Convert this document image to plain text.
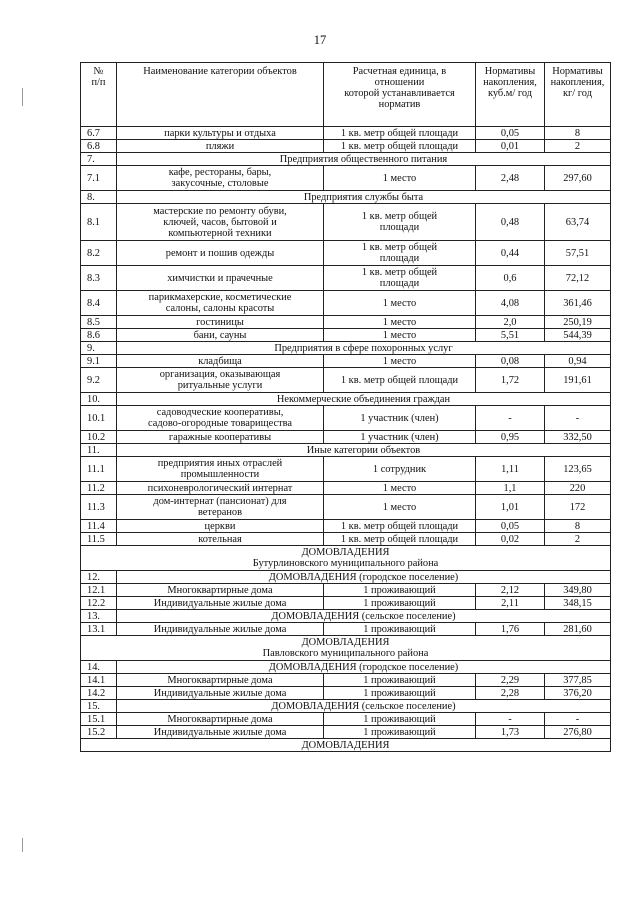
17
№
п/п	Наименование категории объектов	Расчетная единица, в
отношении
которой устанавливается
норматив	Нормативы
накопления,
куб.м/ год	Нормативы
накопления,
кг/ год
6.7	парки культуры и отдыха	1 кв. метр общей площади	0,05	8
6.8	пляжи	1 кв. метр общей площади	0,01	2
7.	Предприятия общественного питания			
7.1	кафе, рестораны, бары,
закусочные, столовые	1 место	2,48	297,60
8.	Предприятия службы быта			
8.1	мастерские по ремонту обуви,
ключей, часов, бытовой и
компьютерной техники	1 кв. метр общей
площади	0,48	63,74
8.2	ремонт и пошив одежды	1 кв. метр общей
площади	0,44	57,51
8.3	химчистки и прачечные	1 кв. метр общей
площади	0,6	72,12
8.4	парикмахерские, косметические
салоны, салоны красоты	1 место	4,08	361,46
8.5	гостиницы	1 место	2,0	250,19
8.6	бани, сауны	1 место	5,51	544,39
9.	Предприятия в сфере похоронных услуг			
9.1	кладбища	1 место	0,08	0,94
9.2	организация, оказывающая
ритуальные услуги	1 кв. метр общей площади	1,72	191,61
10.	Некоммерческие объединения граждан			
10.1	садоводческие кооперативы,
садово-огородные товарищества	1 участник (член)	-	-
10.2	гаражные кооперативы	1 участник (член)	0,95	332,50
11.	Иные категории объектов			
11.1	предприятия иных отраслей
промышленности	1 сотрудник	1,11	123,65
11.2	психоневрологический интернат	1 место	1,1	220
11.3	дом-интернат (пансионат) для
ветеранов	1 место	1,01	172
11.4	церкви	1 кв. метр общей площади	0,05	8
11.5	котельная	1 кв. метр общей площади	0,02	2
ДОМОВЛАДЕНИЯ
Бутурлиновского муниципального района				
12.	ДОМОВЛАДЕНИЯ (городское поселение)			
12.1	Многоквартирные дома	1 проживающий	2,12	349,80
12.2	Индивидуальные жилые дома	1 проживающий	2,11	348,15
13.	ДОМОВЛАДЕНИЯ (сельское поселение)			
13.1	Индивидуальные жилые дома	1 проживающий	1,76	281,60
ДОМОВЛАДЕНИЯ
Павловского муниципального района				
14.	ДОМОВЛАДЕНИЯ (городское поселение)			
14.1	Многоквартирные дома	1 проживающий	2,29	377,85
14.2	Индивидуальные жилые дома	1 проживающий	2,28	376,20
15.	ДОМОВЛАДЕНИЯ (сельское поселение)			
15.1	Многоквартирные дома	1 проживающий	-	-
15.2	Индивидуальные жилые дома	1 проживающий	1,73	276,80
ДОМОВЛАДЕНИЯ				
